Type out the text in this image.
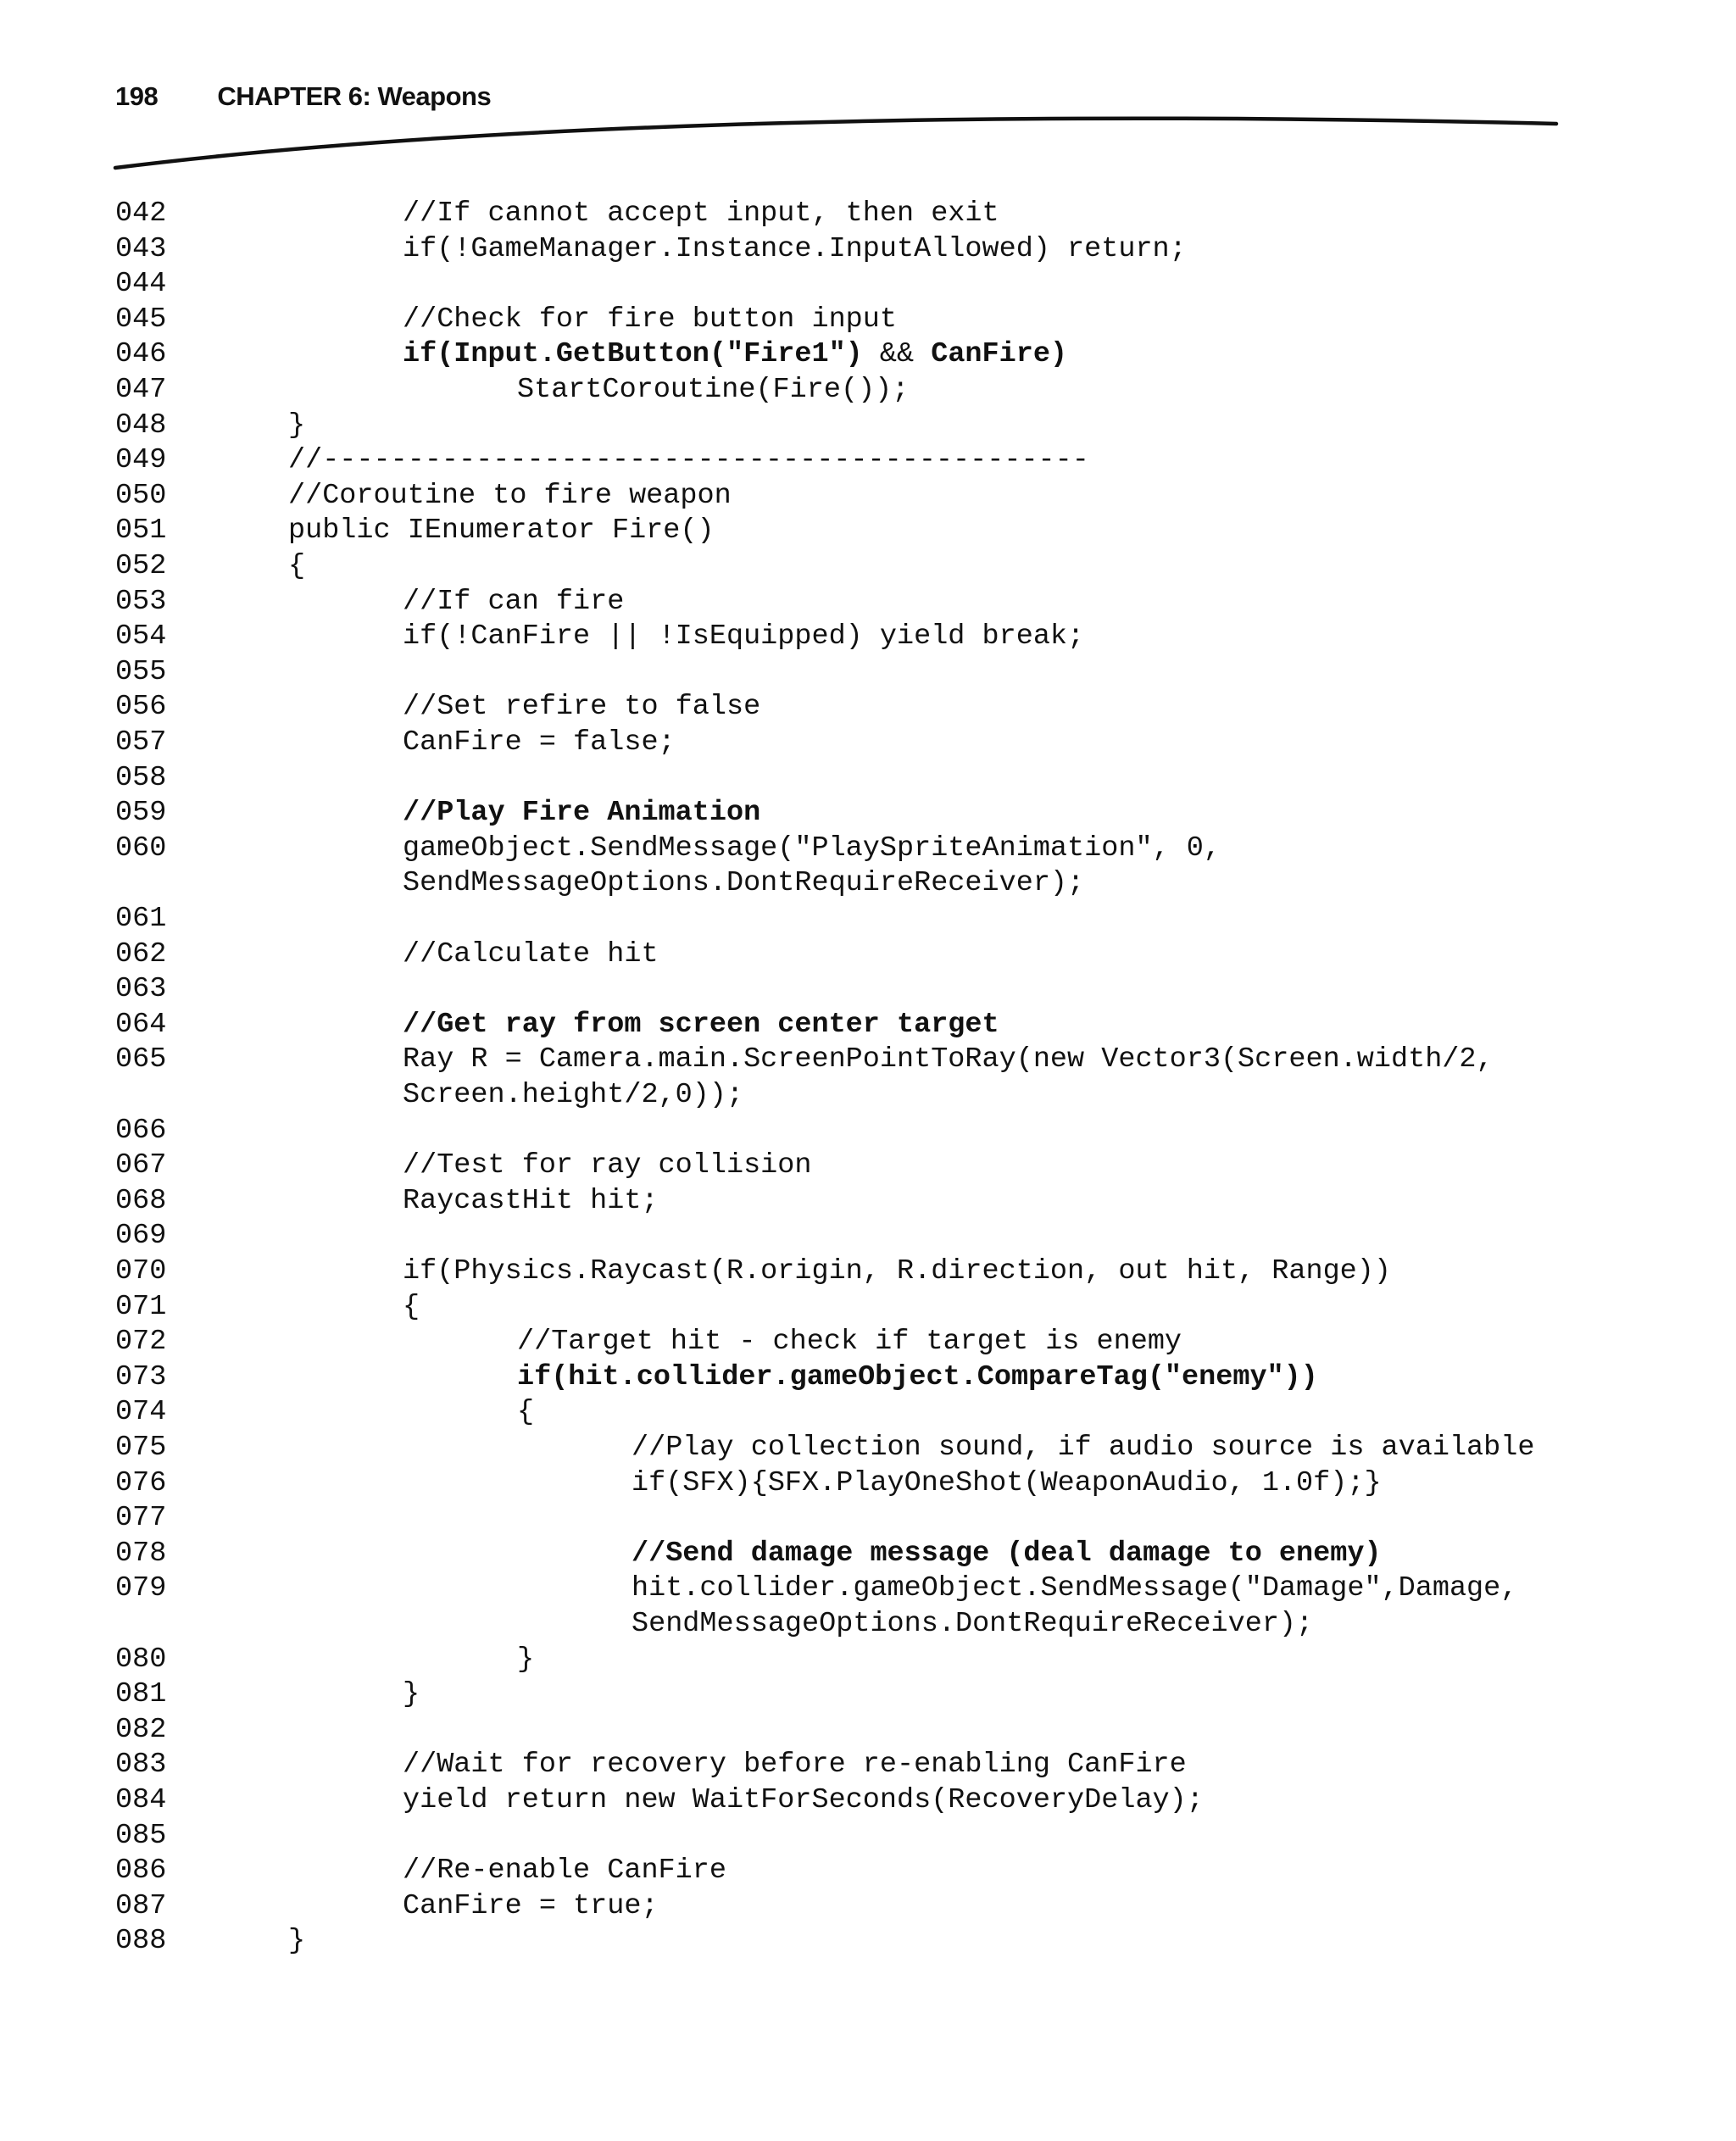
198 CHAPTER 6: Weapons
042	//If cannot accept input, then exit
043	if(!GameManager.Instance.InputAllowed) return;
044
045	//Check for fire button input
046	if(Input.GetButton("Fire1") && CanFire)
047	StartCoroutine(Fire());
048	}
049	//---------------------------------------------
050	//Coroutine to fire weapon
051	public IEnumerator Fire()
052	{
053	//If can fire
054	if(!CanFire || !IsEquipped) yield break;
055
056	//Set refire to false
057	CanFire = false;
058
059	//Play Fire Animation
060	gameObject.SendMessage("PlaySpriteAnimation", 0,
SendMessageOptions.DontRequireReceiver);
061
062	//Calculate hit
063
064	//Get ray from screen center target
065	Ray R = Camera.main.ScreenPointToRay(new Vector3(Screen.width/2,
Screen.height/2,0));
066
067	//Test for ray collision
068	RaycastHit hit;
069
070	if(Physics.Raycast(R.origin, R.direction, out hit, Range))
071	{
072	//Target hit - check if target is enemy
073	if(hit.collider.gameObject.CompareTag("enemy"))
074	{
075	//Play collection sound, if audio source is available
076	if(SFX){SFX.PlayOneShot(WeaponAudio, 1.0f);}
077
078	//Send damage message (deal damage to enemy)
079	hit.collider.gameObject.SendMessage("Damage",Damage,
SendMessageOptions.DontRequireReceiver);
080	}
081	}
082
083	//Wait for recovery before re-enabling CanFire
084	yield return new WaitForSeconds(RecoveryDelay);
085
086	//Re-enable CanFire
087	CanFire = true;
088	}
